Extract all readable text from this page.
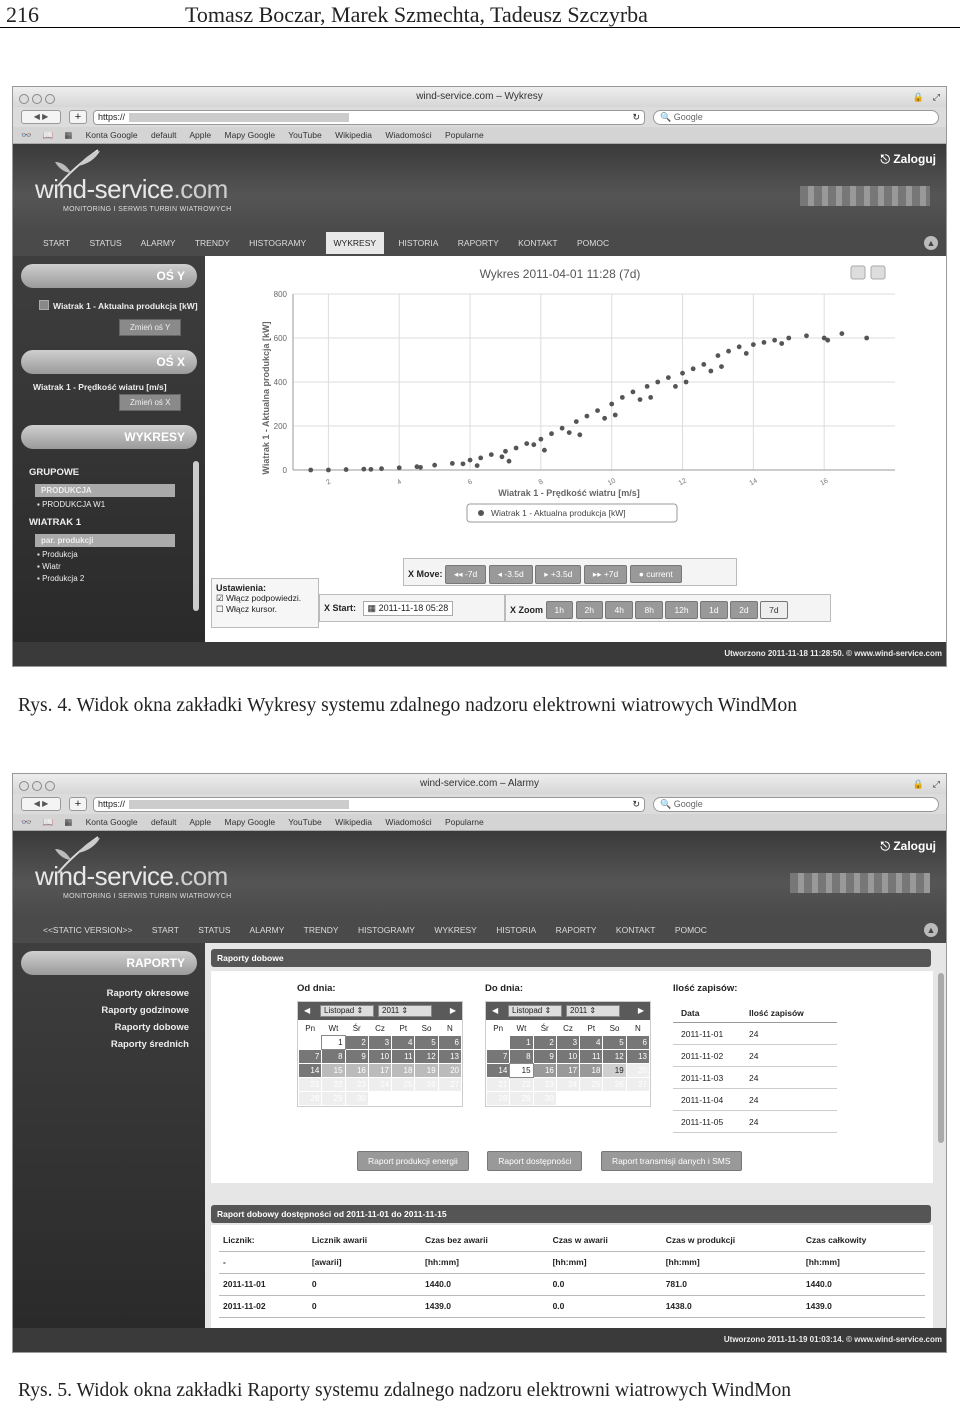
216	Tomasz Boczar, Marek Szmechta, Tadeusz Szczyrba
wind-service.com – Wykresy	🔒 ⤢
◀ ▶	+	https://	↻	🔍 Google
👓 📖 ▦ Konta Google default Apple Mapy Google YouTube Wikipedia Wiadomości Popularne
wind-service.com
MONITORING I SERWIS TURBIN WIATROWYCH
⎋ Zaloguj
START STATUS ALARMY TRENDY HISTOGRAMY	WYKRESY	HISTORIA RAPORTY KONTAKT POMOC	▲
OŚ Y
Wiatrak 1 - Aktualna produkcja [kW]
Zmień oś Y
OŚ X
Wiatrak 1 - Prędkość wiatru [m/s]
Zmień oś X
WYKRESY
GRUPOWE
PRODUKCJA
▪ PRODUKCJA W1
WIATRAK 1
par. produkcji
▪ Produkcja
▪ Wiatr
▪ Produkcja 2
Wykres 2011-04-01 11:28 (7d)
0
200
400
600
800
2	4	6	8	10	12	14	16
Wiatrak 1 - Prędkość wiatru [m/s]
Wiatrak 1 - Aktualna produkcja [kW]
Wiatrak 1 - Aktualna produkcja [kW]
Ustawienia:
☑ Włącz podpowiedzi.
☐ Włącz kursor.
X Move: ◂◂ -7d ◂ -3.5d ▸ +3.5d ▸▸ +7d ● current
X Start: ▦ 2011-11-18 05:28	X Zoom 1h 2h 4h 8h 12h 1d 2d 7d
Utworzono 2011-11-18 11:28:50. © www.wind-service.com
Rys. 4. Widok okna zakładki Wykresy systemu zdalnego nadzoru elektrowni wiatrowych WindMon
wind-service.com – Alarmy	🔒 ⤢
◀ ▶	+	https://	↻	🔍 Google
👓 📖 ▦ Konta Google default Apple Mapy Google YouTube Wikipedia Wiadomości Popularne
wind-service.com
MONITORING I SERWIS TURBIN WIATROWYCH
⎋ Zaloguj
<<STATIC VERSION>> START STATUS ALARMY TRENDY HISTOGRAMY WYKRESY HISTORIA RAPORTY KONTAKT POMOC	▲
RAPORTY
Raporty okresowe
Raporty godzinowe
Raporty dobowe
Raporty średnich
Raporty dobowe
Od dnia:	Do dnia:	Ilość zapisów:
◀	Listopad ⇕	2011 ⇕	▶
Pn	Wt	Śr	Cz	Pt	So	N
	1	2	3	4	5	6
7	8	9	10	11	12	13
14	15	16	17	18	19	20
21	22	23	24	25	26	27
28	29	30				
◀	Listopad ⇕	2011 ⇕	▶
Pn	Wt	Śr	Cz	Pt	So	N
	1	2	3	4	5	6
7	8	9	10	11	12	13
14	15	16	17	18	19	20
21	22	23	24	25	26	27
28	29	30				
Data	Ilość zapisów
2011-11-01	24
2011-11-02	24
2011-11-03	24
2011-11-04	24
2011-11-05	24
Raport produkcji energii	Raport dostępności	Raport transmisji danych i SMS
Raport dobowy dostępności od 2011-11-01 do 2011-11-15
Licznik:	Licznik awarii	Czas bez awarii	Czas w awarii	Czas w produkcji	Czas całkowity
-	[awarii]	[hh:mm]	[hh:mm]	[hh:mm]	[hh:mm]
2011-11-01	0	1440.0	0.0	781.0	1440.0
2011-11-02	0	1439.0	0.0	1438.0	1439.0
Utworzono 2011-11-19 01:03:14. © www.wind-service.com
Rys. 5. Widok okna zakładki Raporty systemu zdalnego nadzoru elektrowni wiatrowych WindMon
